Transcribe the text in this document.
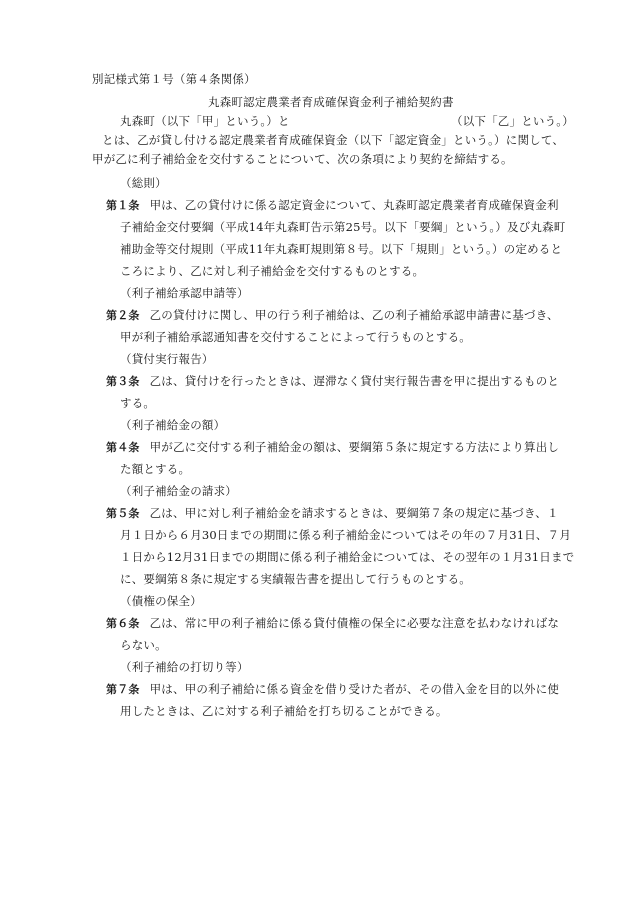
別記様式第１号（第４条関係）
丸森町認定農業者育成確保資金利子補給契約書
丸森町（以下「甲」という。）と	（以下「乙」という。）
とは、乙が貸し付ける認定農業者育成確保資金（以下「認定資金」という。）に関して、
甲が乙に利子補給金を交付することについて、次の条項により契約を締結する。
（総則）
第１条 甲は、乙の貸付けに係る認定資金について、丸森町認定農業者育成確保資金利
子補給金交付要綱（平成14年丸森町告示第25号。以下「要綱」という。）及び丸森町
補助金等交付規則（平成11年丸森町規則第８号。以下「規則」という。）の定めると
ころにより、乙に対し利子補給金を交付するものとする。
（利子補給承認申請等）
第２条 乙の貸付けに関し、甲の行う利子補給は、乙の利子補給承認申請書に基づき、
甲が利子補給承認通知書を交付することによって行うものとする。
（貸付実行報告）
第３条 乙は、貸付けを行ったときは、遅滞なく貸付実行報告書を甲に提出するものと
する。
（利子補給金の額）
第４条 甲が乙に交付する利子補給金の額は、要綱第５条に規定する方法により算出し
た額とする。
（利子補給金の請求）
第５条 乙は、甲に対し利子補給金を請求するときは、要綱第７条の規定に基づき、１
月１日から６月30日までの期間に係る利子補給金についてはその年の７月31日、７月
１日から12月31日までの期間に係る利子補給金については、その翌年の１月31日まで
に、要綱第８条に規定する実績報告書を提出して行うものとする。
（債権の保全）
第６条 乙は、常に甲の利子補給に係る貸付債権の保全に必要な注意を払わなければな
らない。
（利子補給の打切り等）
第７条 甲は、甲の利子補給に係る資金を借り受けた者が、その借入金を目的以外に使
用したときは、乙に対する利子補給を打ち切ることができる。
